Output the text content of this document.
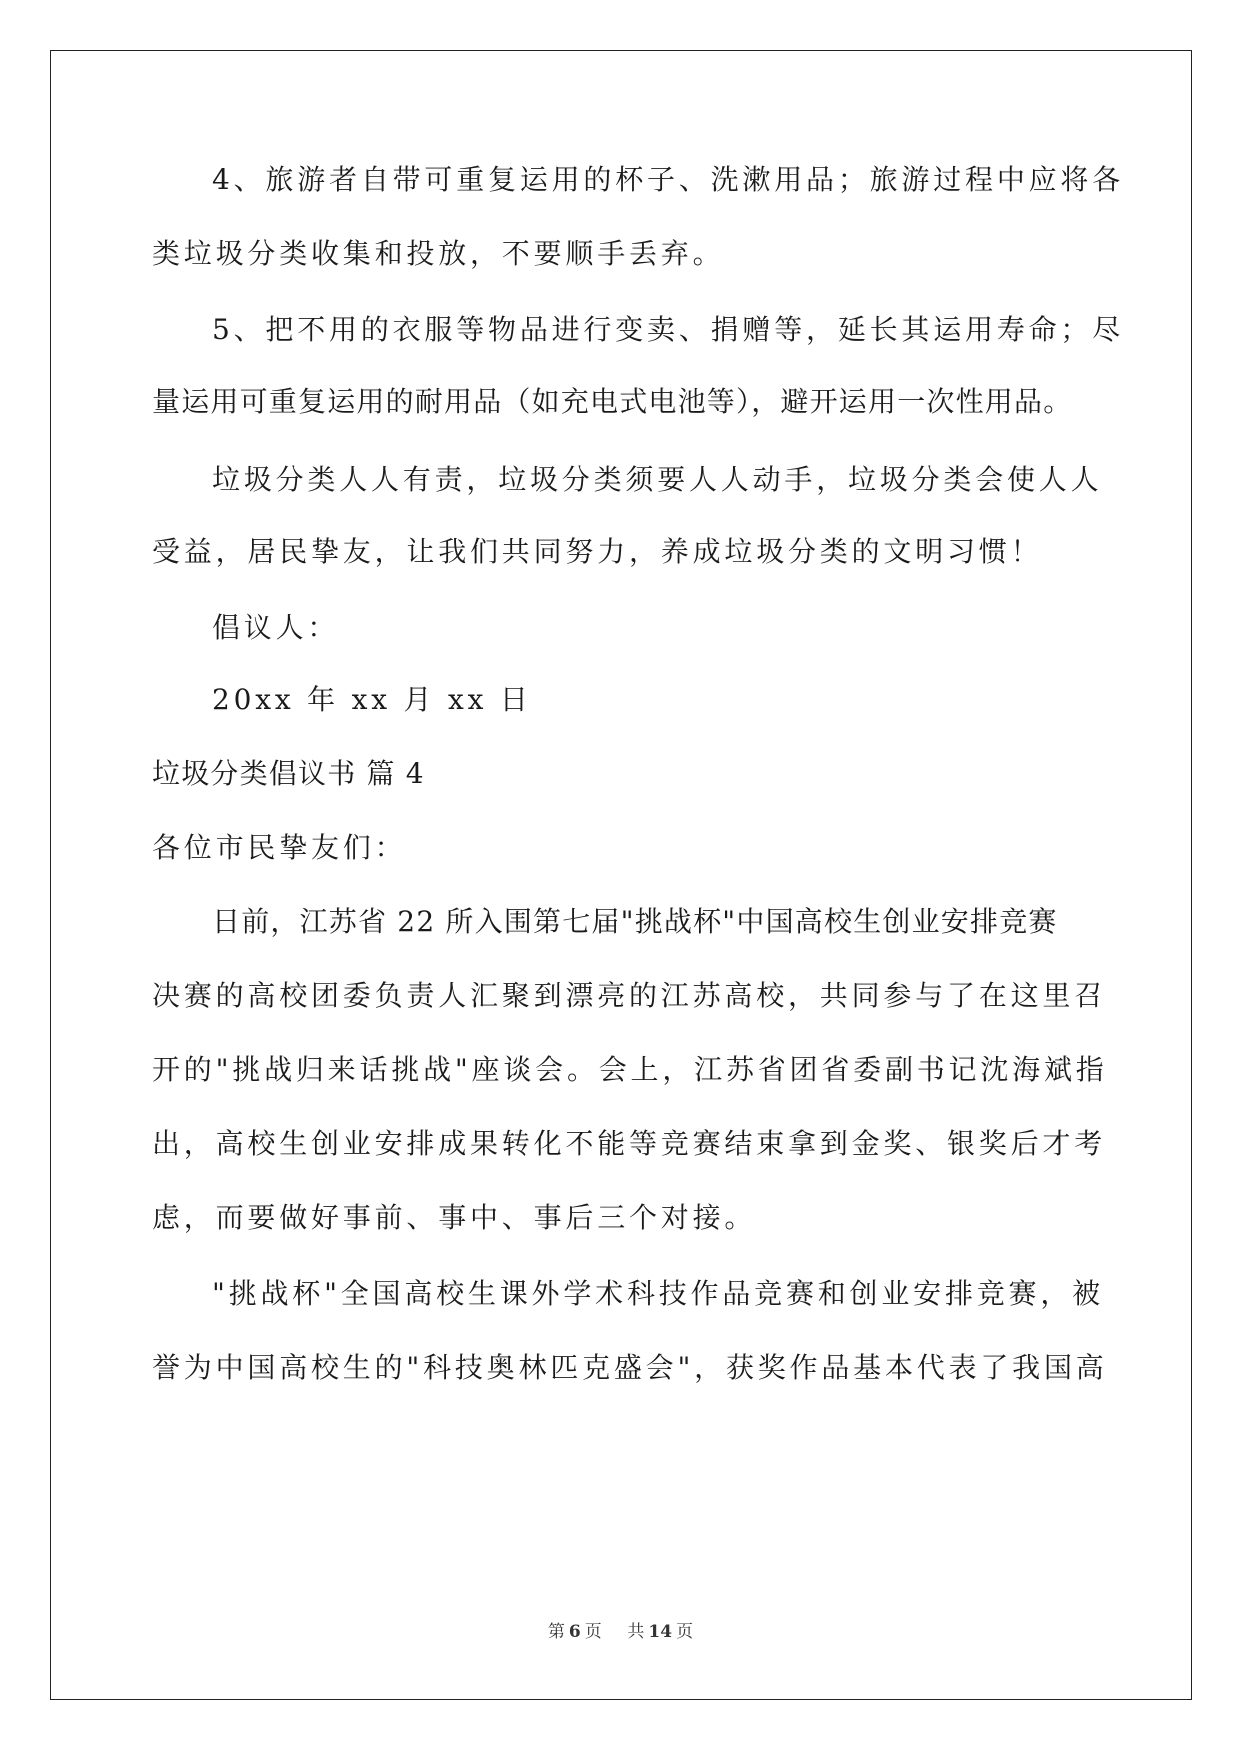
4、旅游者自带可重复运用的杯子、洗漱用品；旅游过程中应将各
类垃圾分类收集和投放，不要顺手丢弃。
5、把不用的衣服等物品进行变卖、捐赠等，延长其运用寿命；尽
量运用可重复运用的耐用品（如充电式电池等），避开运用一次性用品。
垃圾分类人人有责，垃圾分类须要人人动手，垃圾分类会使人人
受益，居民挚友，让我们共同努力，养成垃圾分类的文明习惯！
倡议人：
20xx 年 xx 月 xx 日
垃圾分类倡议书 篇 4
各位市民挚友们：
日前，江苏省 22 所入围第七届"挑战杯"中国高校生创业安排竞赛
决赛的高校团委负责人汇聚到漂亮的江苏高校，共同参与了在这里召
开的"挑战归来话挑战"座谈会。会上，江苏省团省委副书记沈海斌指
出，高校生创业安排成果转化不能等竞赛结束拿到金奖、银奖后才考
虑，而要做好事前、事中、事后三个对接。
"挑战杯"全国高校生课外学术科技作品竞赛和创业安排竞赛，被
誉为中国高校生的"科技奥林匹克盛会"，获奖作品基本代表了我国高
第 6 页 共 14 页
